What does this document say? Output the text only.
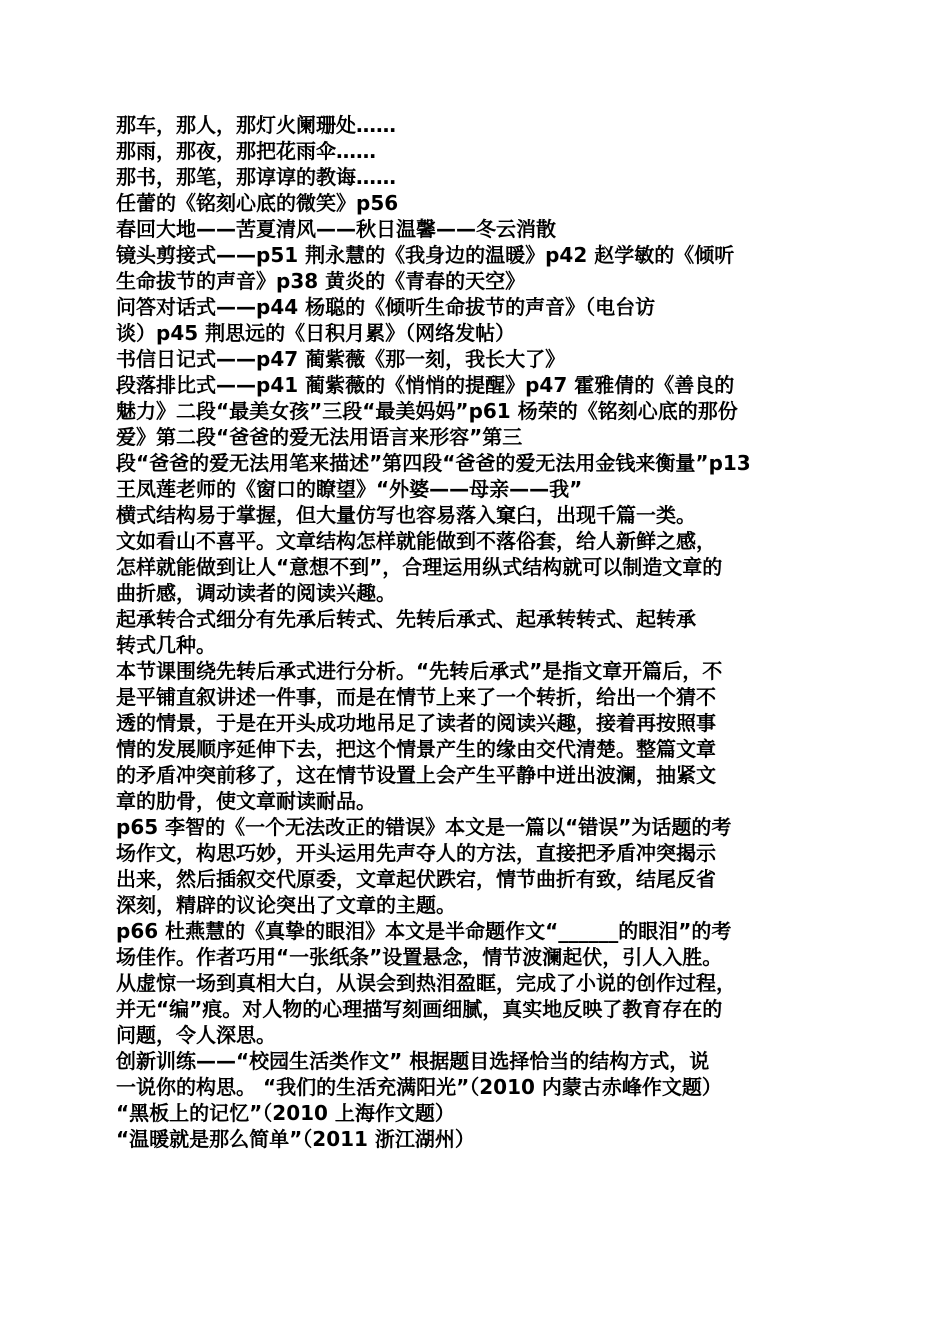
那车，那人，那灯火阑珊处……

那雨，那夜，那把花雨伞……

那书，那笔，那谆谆的教诲……

任蕾的《铭刻心底的微笑》p56

春回大地——苦夏清风——秋日温馨——冬云消散

镜头剪接式——p51 荆永慧的《我身边的温暖》p42 赵学敏的《倾听

生命拔节的声音》p38 黄炎的《青春的天空》

问答对话式——p44 杨聪的《倾听生命拔节的声音》（电台访

谈）p45 荆思远的《日积月累》（网络发帖）

书信日记式——p47 蔺紫薇《那一刻，我长大了》

段落排比式——p41 蔺紫薇的《悄悄的提醒》p47 霍雅倩的《善良的

魅力》二段“最美女孩”三段“最美妈妈”p61 杨荣的《铭刻心底的那份

爱》第二段“爸爸的爱无法用语言来形容”第三

段“爸爸的爱无法用笔来描述”第四段“爸爸的爱无法用金钱来衡量”p13

王凤莲老师的《窗口的瞭望》“外婆——母亲——我”

横式结构易于掌握，但大量仿写也容易落入窠臼，出现千篇一类。

文如看山不喜平。文章结构怎样就能做到不落俗套，给人新鲜之感，

怎样就能做到让人“意想不到”，合理运用纵式结构就可以制造文章的

曲折感，调动读者的阅读兴趣。

起承转合式细分有先承后转式、先转后承式、起承转转式、起转承

转式几种。

本节课围绕先转后承式进行分析。“先转后承式”是指文章开篇后，不

是平铺直叙讲述一件事，而是在情节上来了一个转折，给出一个猜不

透的情景，于是在开头成功地吊足了读者的阅读兴趣，接着再按照事

情的发展顺序延伸下去，把这个情景产生的缘由交代清楚。整篇文章

的矛盾冲突前移了，这在情节设置上会产生平静中迸出波澜，抽紧文

章的肋骨，使文章耐读耐品。

p65 李智的《一个无法改正的错误》本文是一篇以“错误”为话题的考

场作文，构思巧妙，开头运用先声夺人的方法，直接把矛盾冲突揭示

出来，然后插叙交代原委，文章起伏跌宕，情节曲折有致，结尾反省

深刻，精辟的议论突出了文章的主题。

p66 杜燕慧的《真挚的眼泪》本文是半命题作文“______的眼泪”的考

场佳作。作者巧用“一张纸条”设置悬念，情节波澜起伏，引人入胜。

从虚惊一场到真相大白，从误会到热泪盈眶，完成了小说的创作过程，

并无“编”痕。对人物的心理描写刻画细腻，真实地反映了教育存在的

问题，令人深思。

创新训练——“校园生活类作文” 根据题目选择恰当的结构方式，说

一说你的构思。 “我们的生活充满阳光”（2010 内蒙古赤峰作文题）

“黑板上的记忆”（2010 上海作文题）

“温暖就是那么简单”（2011 浙江湖州）
